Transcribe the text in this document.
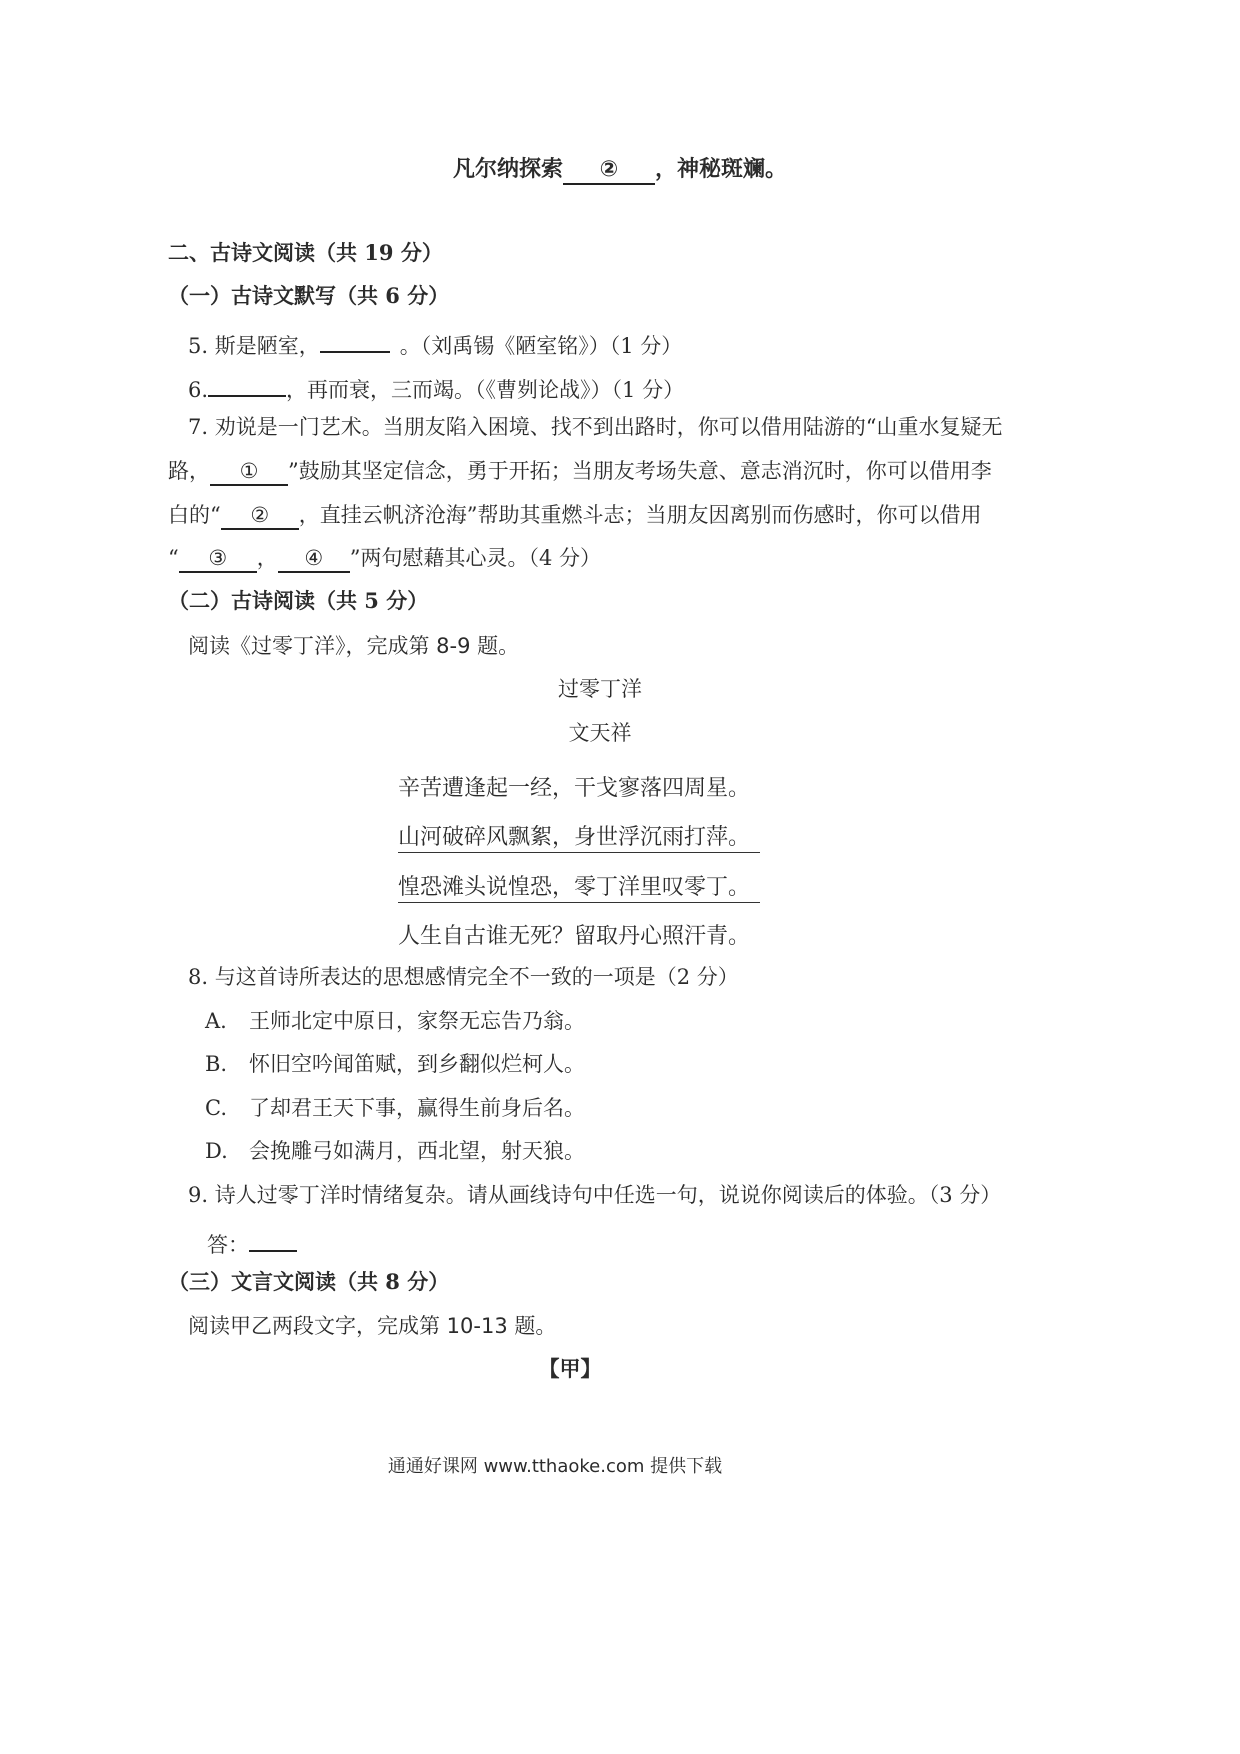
凡尔纳探索 ② ，神秘斑斓。
二、古诗文阅读（共 19 分）
（一）古诗文默写（共 6 分）
5. 斯是陋室，	。（刘禹锡《陋室铭》）（1 分）
6.	，再而衰，三而竭。（《曹刿论战》）（1 分）
7. 劝说是一门艺术。当朋友陷入困境、找不到出路时，你可以借用陆游的“山重水复疑无
路， ① ”鼓励其坚定信念，勇于开拓；当朋友考场失意、意志消沉时，你可以借用李
白的“ ② ，直挂云帆济沧海”帮助其重燃斗志；当朋友因离别而伤感时，你可以借用
“ ③ ， ④ ”两句慰藉其心灵。（4 分）
（二）古诗阅读（共 5 分）
阅读《过零丁洋》，完成第 8-9 题。
过零丁洋
文天祥
辛苦遭逢起一经，干戈寥落四周星。
山河破碎风飘絮，身世浮沉雨打萍。
惶恐滩头说惶恐，零丁洋里叹零丁。
人生自古谁无死？留取丹心照汗青。
8. 与这首诗所表达的思想感情完全不一致的一项是（2 分）
A. 王师北定中原日，家祭无忘告乃翁。
B. 怀旧空吟闻笛赋，到乡翻似烂柯人。
C. 了却君王天下事，赢得生前身后名。
D. 会挽雕弓如满月，西北望，射天狼。
9. 诗人过零丁洋时情绪复杂。请从画线诗句中任选一句，说说你阅读后的体验。（3 分）
答：
（三）文言文阅读（共 8 分）
阅读甲乙两段文字，完成第 10-13 题。
【甲】
通通好课网 www.tthaoke.com 提供下载
